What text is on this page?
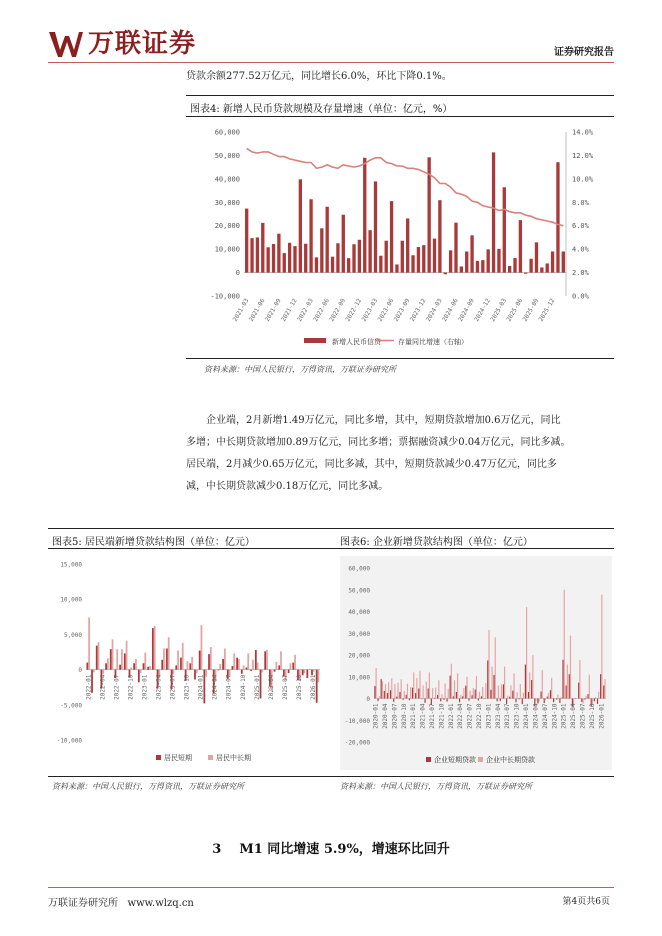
万联证券	证券研究报告
贷款余额277.52万亿元，同比增长6.0%，环比下降0.1%。
图表4: 新增人民币贷款规模及存量增速（单位：亿元，%）
60,000
50,000
40,000
30,000
20,000
10,000
0
-10,000
14.0%
12.0%
10.0%
8.0%
6.0%
4.0%
2.0%
0.0%
2021-03
2021-06
2021-09
2021-12
2022-03
2022-06
2022-09
2022-12
2023-03
2023-06
2023-09
2023-12
2024-03
2024-06
2024-09
2024-12
2025-03
2025-06
2025-09
2025-12
新增人民币信贷 存量同比增速（右轴）
资料来源：中国人民银行，万得资讯，万联证券研究所
企业端，2月新增1.49万亿元，同比多增，其中，短期贷款增加0.6万亿元，同比
多增；中长期贷款增加0.89万亿元，同比多增；票据融资减少0.04万亿元，同比多减。
居民端，2月减少0.65万亿元，同比多减，其中，短期贷款减少0.47万亿元，同比多
减，中长期贷款减少0.18万亿元，同比多减。
图表5: 居民端新增贷款结构图（单位：亿元）	图表6: 企业新增贷款结构图（单位：亿元）
15,000
10,000
5,000
0
-5,000
-10,000
2022-01 2022-04 2022-07 2022-10 2023-01 2023-04 2023-07 2023-10 2024-01 2024-04 2024-07 2024-10 2025-01 2025-04 2025-07 2025-10 2026-01
居民短期	居民中长期
60,000
50,000
40,000
30,000
20,000
10,000
0
-10,000
-20,000
2020-01 2020-04 2020-07 2020-10 2021-01 2021-04 2021-07 2021-10 2022-01 2022-04 2022-07 2022-10 2023-01 2023-04 2023-07 2023-10 2024-01 2024-04 2024-07 2024-10 2025-01 2025-04 2025-07 2025-10 2026-01
企业短期贷款 企业中长期贷款
资料来源：中国人民银行，万得资讯，万联证券研究所	资料来源：中国人民银行，万得资讯，万联证券研究所
3 M1 同比增速 5.9%，增速环比回升
万联证券研究所 www.wlzq.cn	第4页共6页
